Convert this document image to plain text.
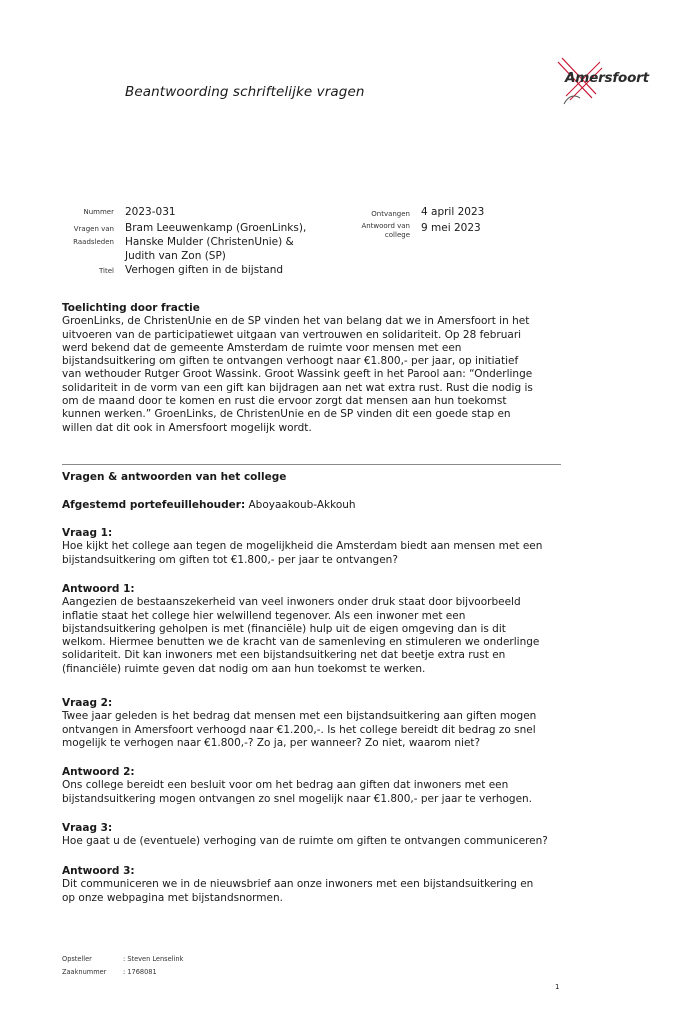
Beantwoording schriftelijke vragen
Amersfoort
Nummer 2023-031
Vragen van
Raadsleden
Bram Leeuwenkamp (GroenLinks),
Hanske Mulder (ChristenUnie) &
Judith van Zon (SP)
Titel Verhogen giften in de bijstand
Ontvangen 4 april 2023
Antwoord van
college
9 mei 2023

Toelichting door fractie

GroenLinks, de ChristenUnie en de SP vinden het van belang dat we in Amersfoort in het

uitvoeren van de participatiewet uitgaan van vertrouwen en solidariteit. Op 28 februari

werd bekend dat de gemeente Amsterdam de ruimte voor mensen met een

bijstandsuitkering om giften te ontvangen verhoogt naar €1.800,- per jaar, op initiatief

van wethouder Rutger Groot Wassink. Groot Wassink geeft in het Parool aan: “Onderlinge

solidariteit in de vorm van een gift kan bijdragen aan net wat extra rust. Rust die nodig is

om de maand door te komen en rust die ervoor zorgt dat mensen aan hun toekomst

kunnen werken.” GroenLinks, de ChristenUnie en de SP vinden dit een goede stap en

willen dat dit ook in Amersfoort mogelijk wordt.

Vragen & antwoorden van het college

Afgestemd portefeuillehouder: Aboyaakoub-Akkouh

Vraag 1:

Hoe kijkt het college aan tegen de mogelijkheid die Amsterdam biedt aan mensen met een

bijstandsuitkering om giften tot €1.800,- per jaar te ontvangen?

Antwoord 1:

Aangezien de bestaanszekerheid van veel inwoners onder druk staat door bijvoorbeeld

inflatie staat het college hier welwillend tegenover. Als een inwoner met een

bijstandsuitkering geholpen is met (financiële) hulp uit de eigen omgeving dan is dit

welkom. Hiermee benutten we de kracht van de samenleving en stimuleren we onderlinge

solidariteit. Dit kan inwoners met een bijstandsuitkering net dat beetje extra rust en

(financiële) ruimte geven dat nodig om aan hun toekomst te werken.

Vraag 2:

Twee jaar geleden is het bedrag dat mensen met een bijstandsuitkering aan giften mogen

ontvangen in Amersfoort verhoogd naar €1.200,-. Is het college bereidt dit bedrag zo snel

mogelijk te verhogen naar €1.800,-? Zo ja, per wanneer? Zo niet, waarom niet?

Antwoord 2:

Ons college bereidt een besluit voor om het bedrag aan giften dat inwoners met een

bijstandsuitkering mogen ontvangen zo snel mogelijk naar €1.800,- per jaar te verhogen.

Vraag 3:

Hoe gaat u de (eventuele) verhoging van de ruimte om giften te ontvangen communiceren?

Antwoord 3:

Dit communiceren we in de nieuwsbrief aan onze inwoners met een bijstandsuitkering en

op onze webpagina met bijstandsnormen.

Opsteller	: Steven Lenselink
Zaaknummer	: 1768081
1
